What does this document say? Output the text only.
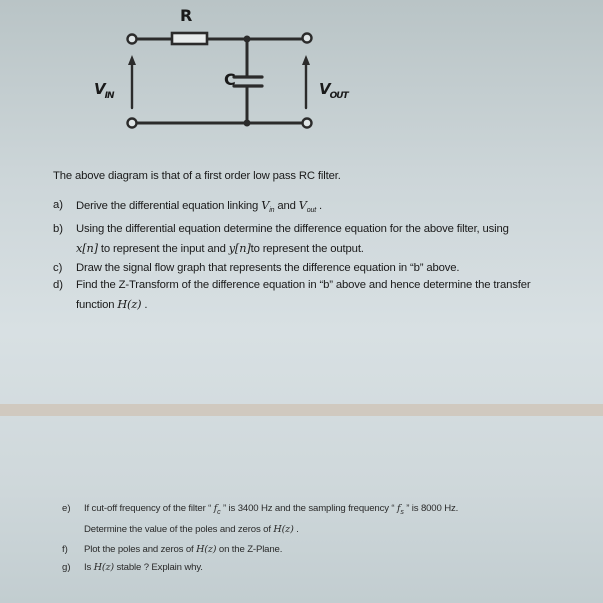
R
C
$V_{IN}$	$V_{OUT}$
The above diagram is that of a first order low pass RC filter.
a) Derive the differential equation linking $V_{in}$ and $V_{out}$ .
b) Using the differential equation determine the difference equation for the above filter, using
x[n] to represent the input and y[n]to represent the output.
c) Draw the signal flow graph that represents the difference equation in “b” above.
d) Find the Z-Transform of the difference equation in “b” above and hence determine the transfer
function H(z) .
e) If cut-off frequency of the filter “ $f_c$ ” is 3400 Hz and the sampling frequency “ $f_s$ ” is 8000 Hz.
Determine the value of the poles and zeros of H(z) .
f) Plot the poles and zeros of H(z) on the Z-Plane.
g) Is H(z) stable ? Explain why.
